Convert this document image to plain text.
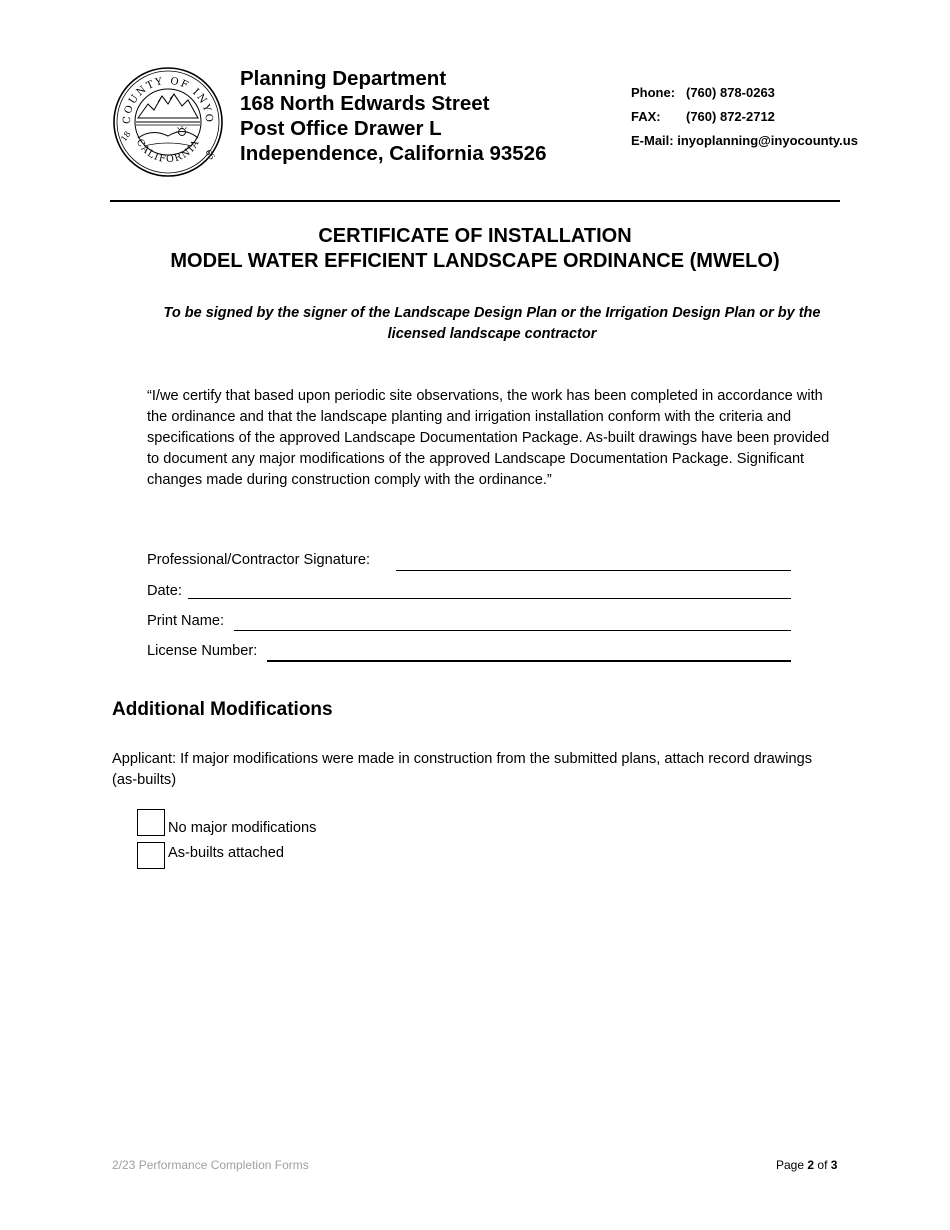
COUNTY OF INYO
CALIFORNIA
18
66
Planning Department
168 North Edwards Street
Post Office Drawer L
Independence, California 93526
Phone: (760) 878-0263
FAX: (760) 872-2712
E-Mail: inyoplanning@inyocounty.us
CERTIFICATE OF INSTALLATION
MODEL WATER EFFICIENT LANDSCAPE ORDINANCE (MWELO)
To be signed by the signer of the Landscape Design Plan or the Irrigation Design Plan or by the licensed landscape contractor
“I/we certify that based upon periodic site observations, the work has been completed in accordance with the ordinance and that the landscape planting and irrigation installation conform with the criteria and specifications of the approved Landscape Documentation Package. As-built drawings have been provided to document any major modifications of the approved Landscape Documentation Package. Significant changes made during construction comply with the ordinance.”
Professional/Contractor Signature:
Date:
Print Name:
License Number:
Additional Modifications
Applicant: If major modifications were made in construction from the submitted plans, attach record drawings (as-builts)
No major modifications
As-builts attached
2/23 Performance Completion Forms	Page 2 of 3
